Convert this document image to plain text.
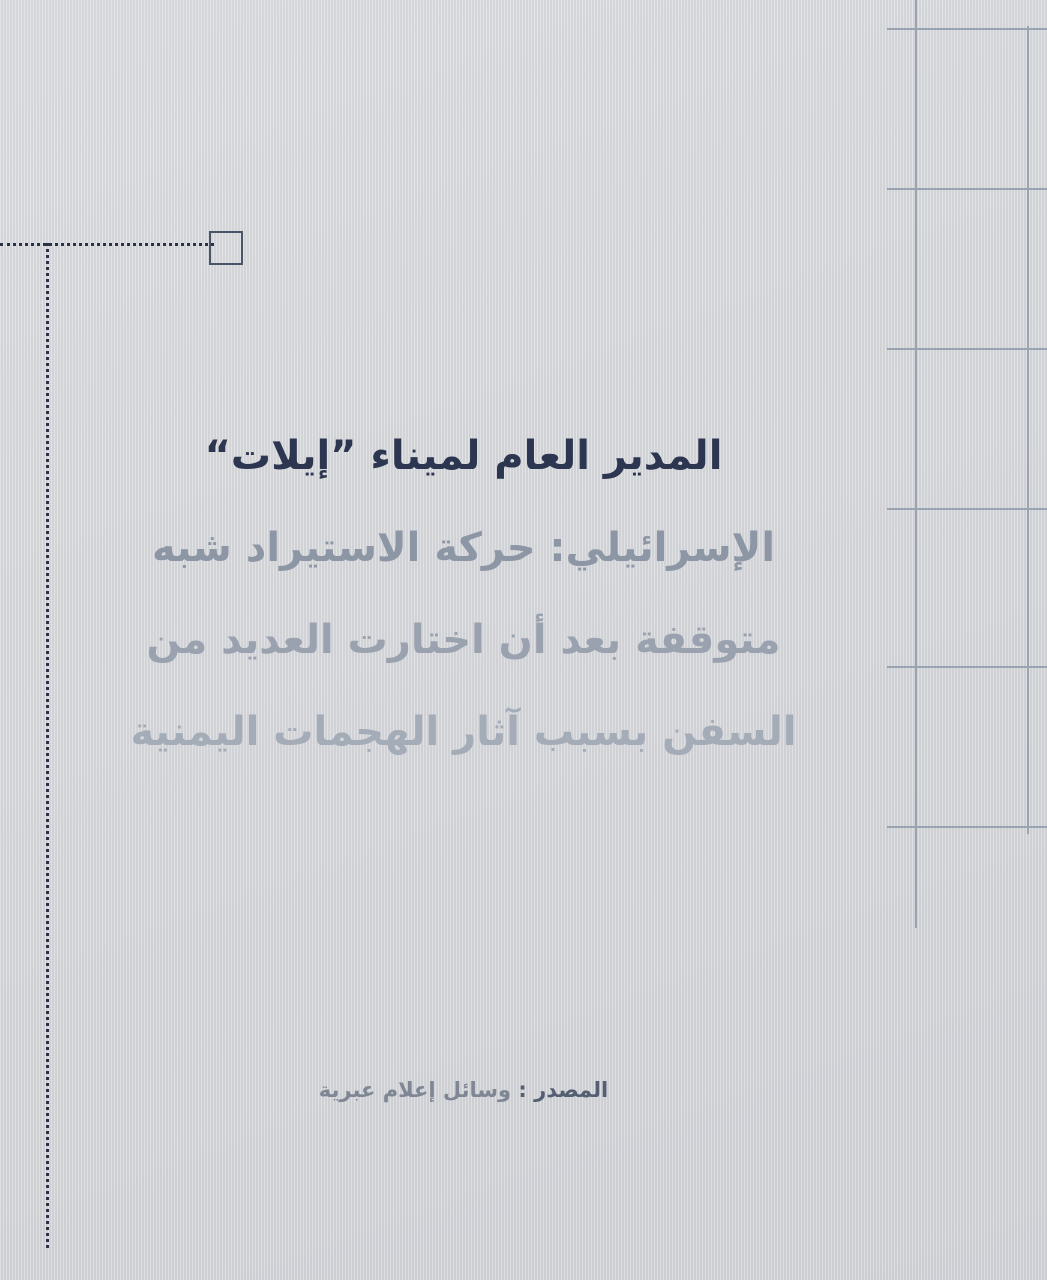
المدير العام لميناء ”إيلات“
الإسرائيلي: حركة الاستيراد شبه
متوقفة بعد أن اختارت العديد من
السفن بسبب آثار الهجمات اليمنية
المصدر : وسائل إعلام عبرية
